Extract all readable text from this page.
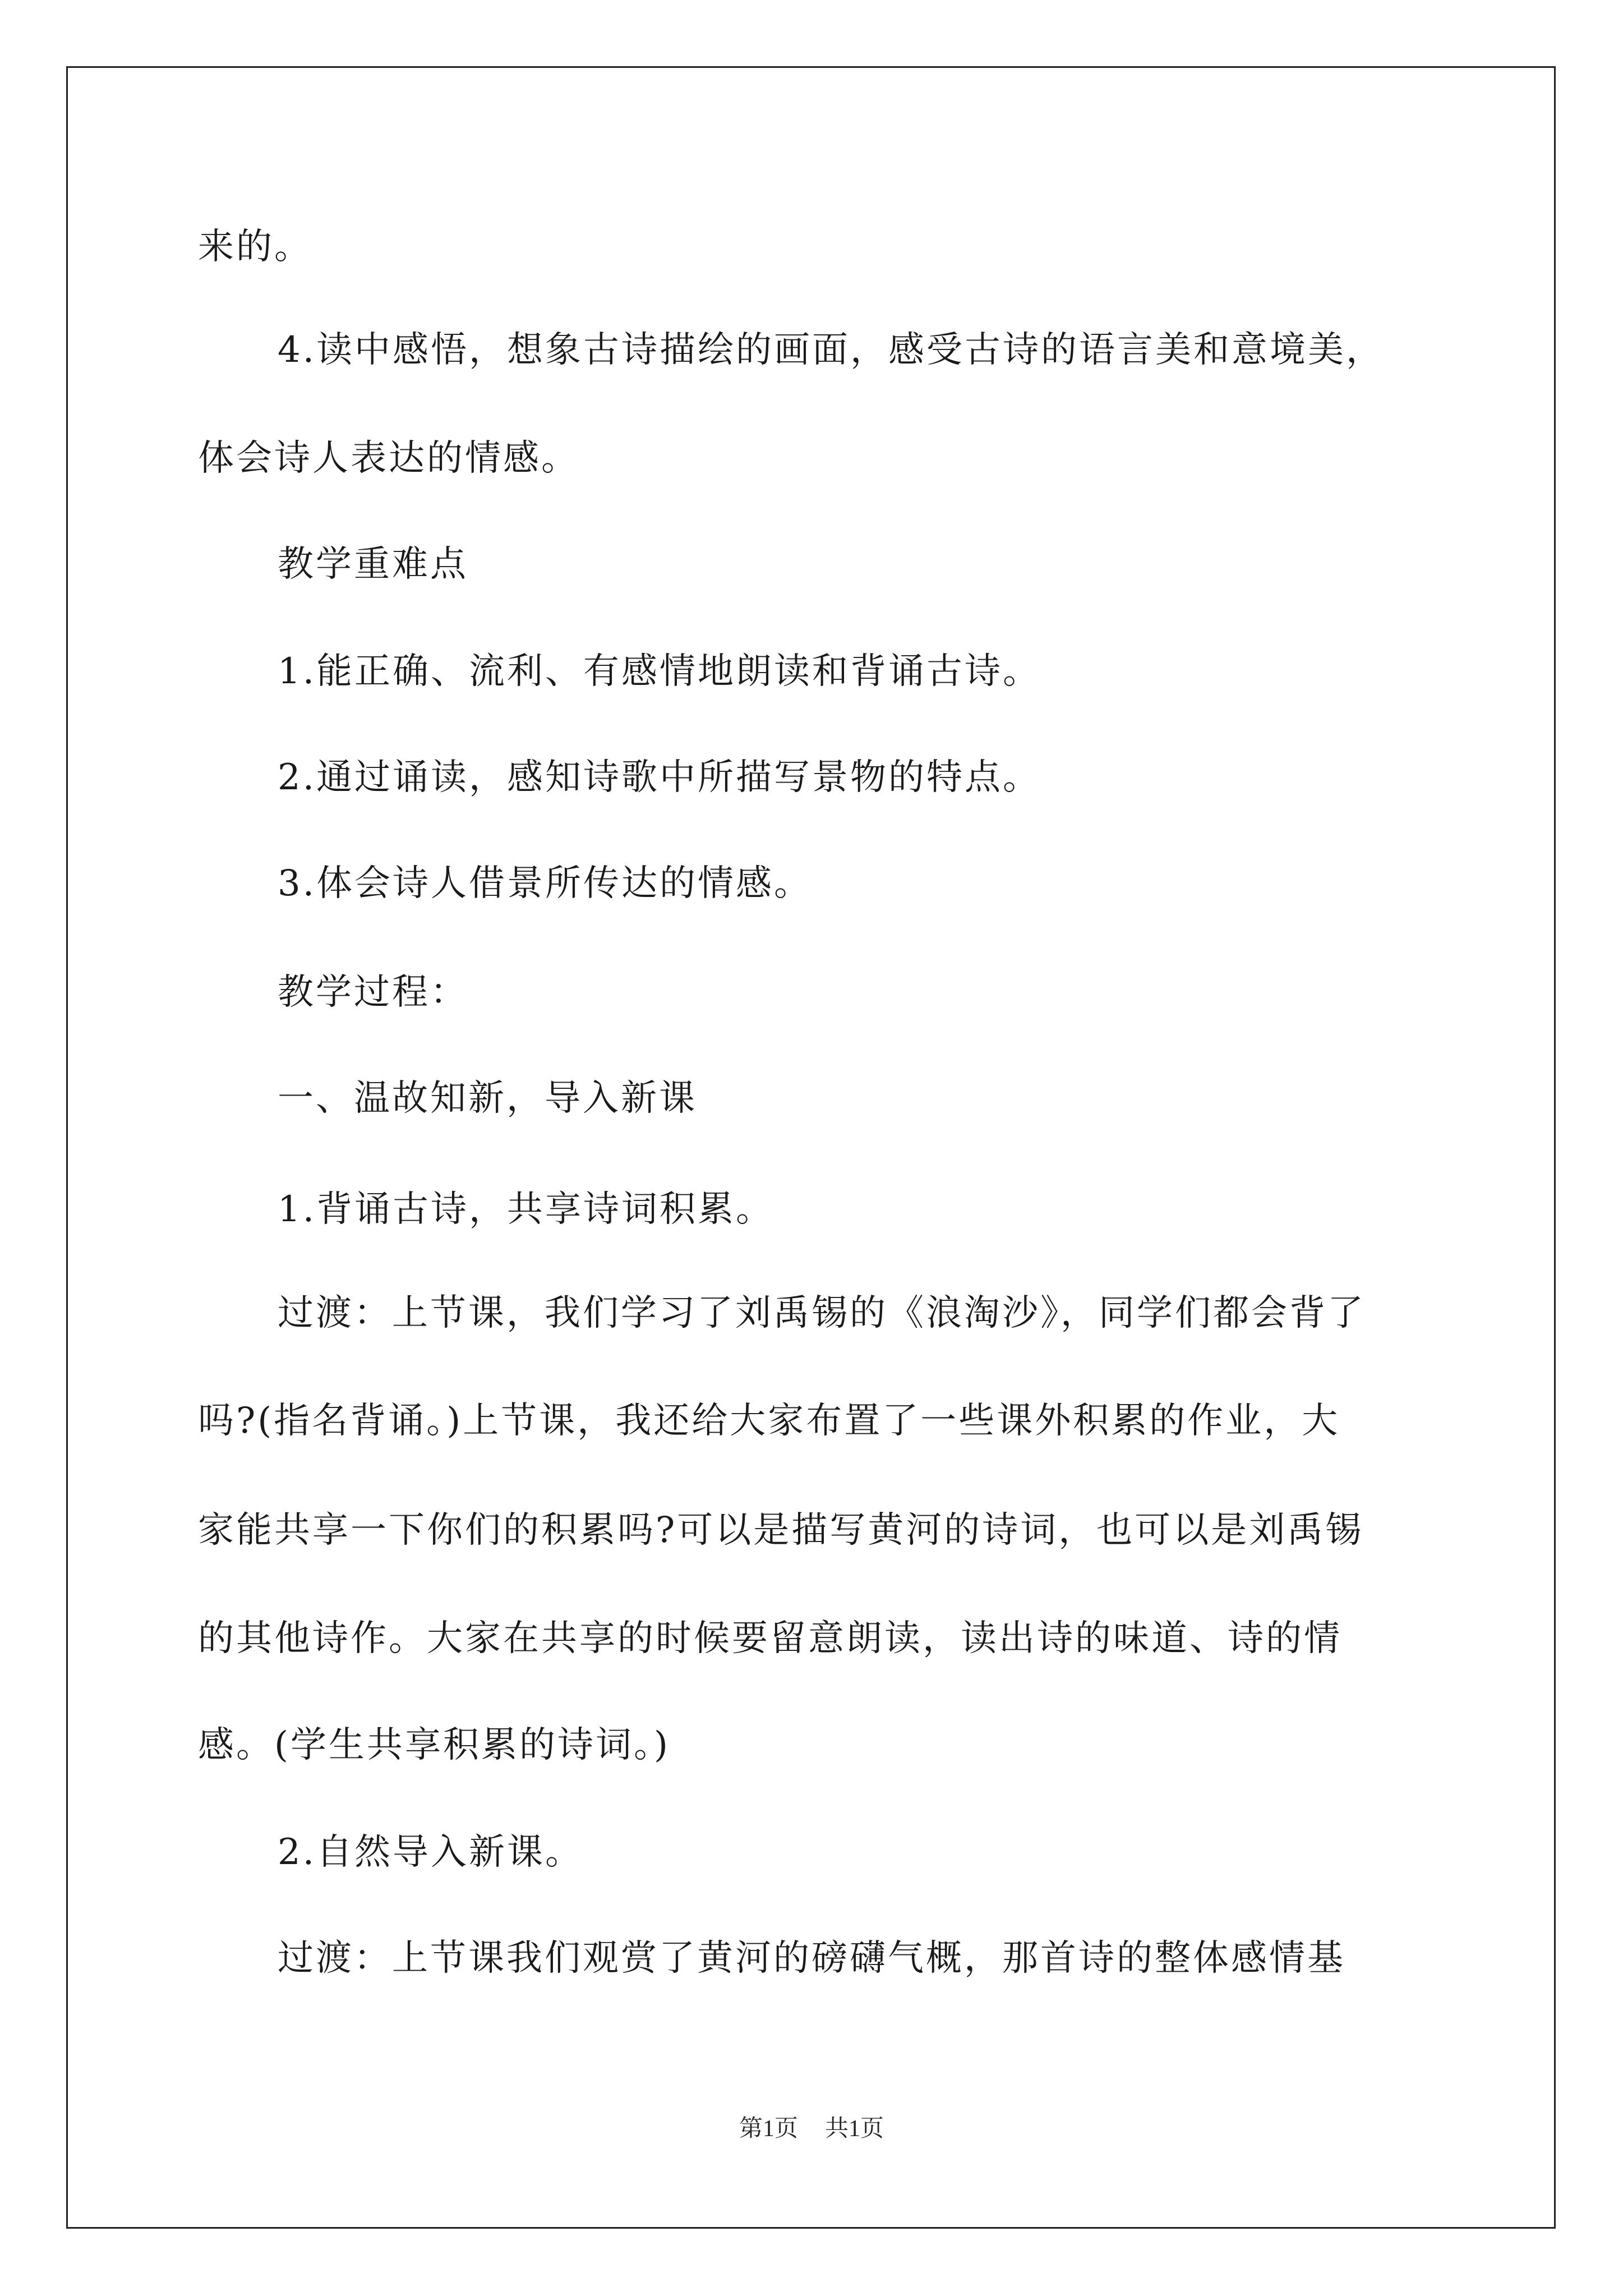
来的。
4.读中感悟，想象古诗描绘的画面，感受古诗的语言美和意境美，
体会诗人表达的情感。
教学重难点
1.能正确、流利、有感情地朗读和背诵古诗。
2.通过诵读，感知诗歌中所描写景物的特点。
3.体会诗人借景所传达的情感。
教学过程：
一、温故知新，导入新课
1.背诵古诗，共享诗词积累。
过渡：上节课，我们学习了刘禹锡的《浪淘沙》，同学们都会背了
吗?(指名背诵。)上节课，我还给大家布置了一些课外积累的作业，大
家能共享一下你们的积累吗?可以是描写黄河的诗词，也可以是刘禹锡
的其他诗作。大家在共享的时候要留意朗读，读出诗的味道、诗的情
感。(学生共享积累的诗词。)
2.自然导入新课。
过渡：上节课我们观赏了黄河的磅礴气概，那首诗的整体感情基
第1页 共1页
